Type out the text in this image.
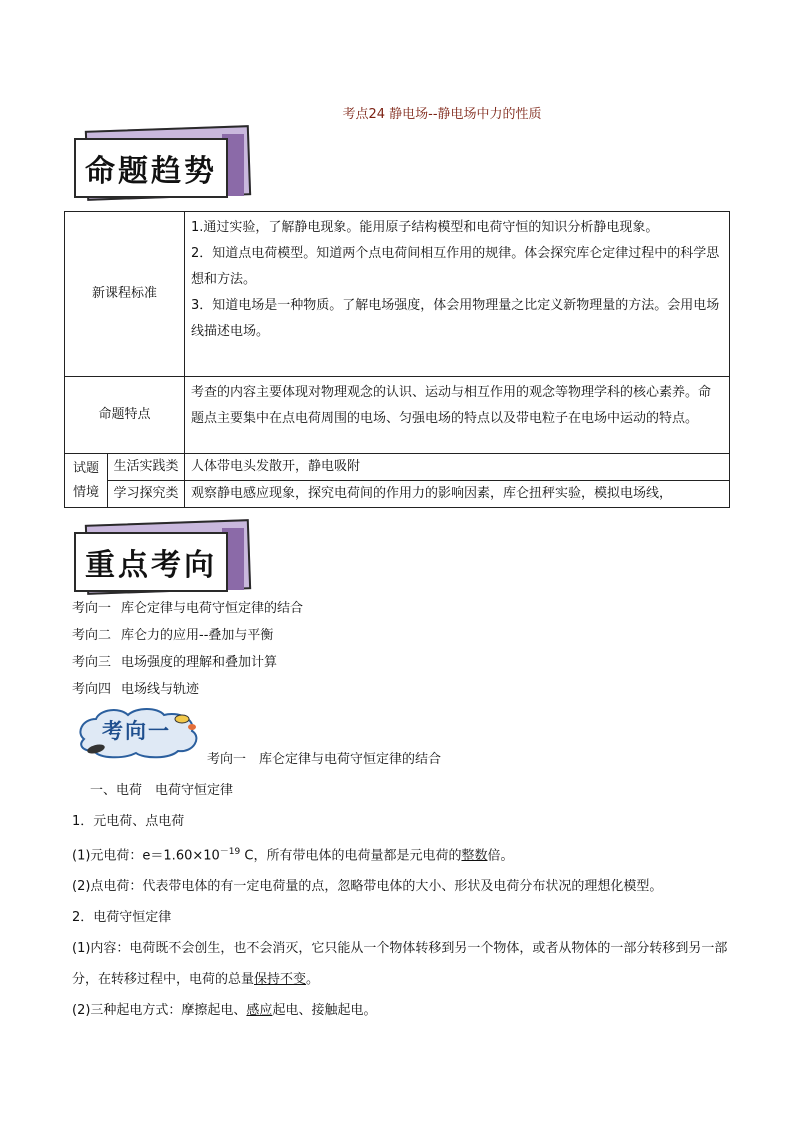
考点24 静电场--静电场中力的性质
命题趋势
新课程标准		1.通过实验，了解静电现象。能用原子结构模型和电荷守恒的知识分析静电现象。
2．知道点电荷模型。知道两个点电荷间相互作用的规律。体会探究库仑定律过程中的科学思想和方法。
3．知道电场是一种物质。了解电场强度，体会用物理量之比定义新物理量的方法。会用电场线描述电场。

命题特点		考查的内容主要体现对物理观念的认识、运动与相互作用的观念等物理学科的核心素养。命题点主要集中在点电荷周围的电场、匀强电场的特点以及带电粒子在电场中运动的特点。

试题
情境	生活实践类	人体带电头发散开，静电吸附
	学习探究类	观察静电感应现象，探究电荷间的作用力的影响因素，库仑扭秤实验，模拟电场线，
重点考向
考向一 库仑定律与电荷守恒定律的结合
考向二 库仑力的应用--叠加与平衡
考向三 电场强度的理解和叠加计算
考向四 电场线与轨迹
考向一
考向一　库仑定律与电荷守恒定律的结合
一、电荷　电荷守恒定律
1．元电荷、点电荷
(1)元电荷：$e=1.60\times 10^{-19}$ C，所有带电体的电荷量都是元电荷的整数倍。
(2)点电荷：代表带电体的有一定电荷量的点，忽略带电体的大小、形状及电荷分布状况的理想化模型。
2．电荷守恒定律
(1)内容：电荷既不会创生，也不会消灭，它只能从一个物体转移到另一个物体，或者从物体的一部分转移到另一部分，在转移过程中，电荷的总量保持不变。
(2)三种起电方式：摩擦起电、感应起电、接触起电。
